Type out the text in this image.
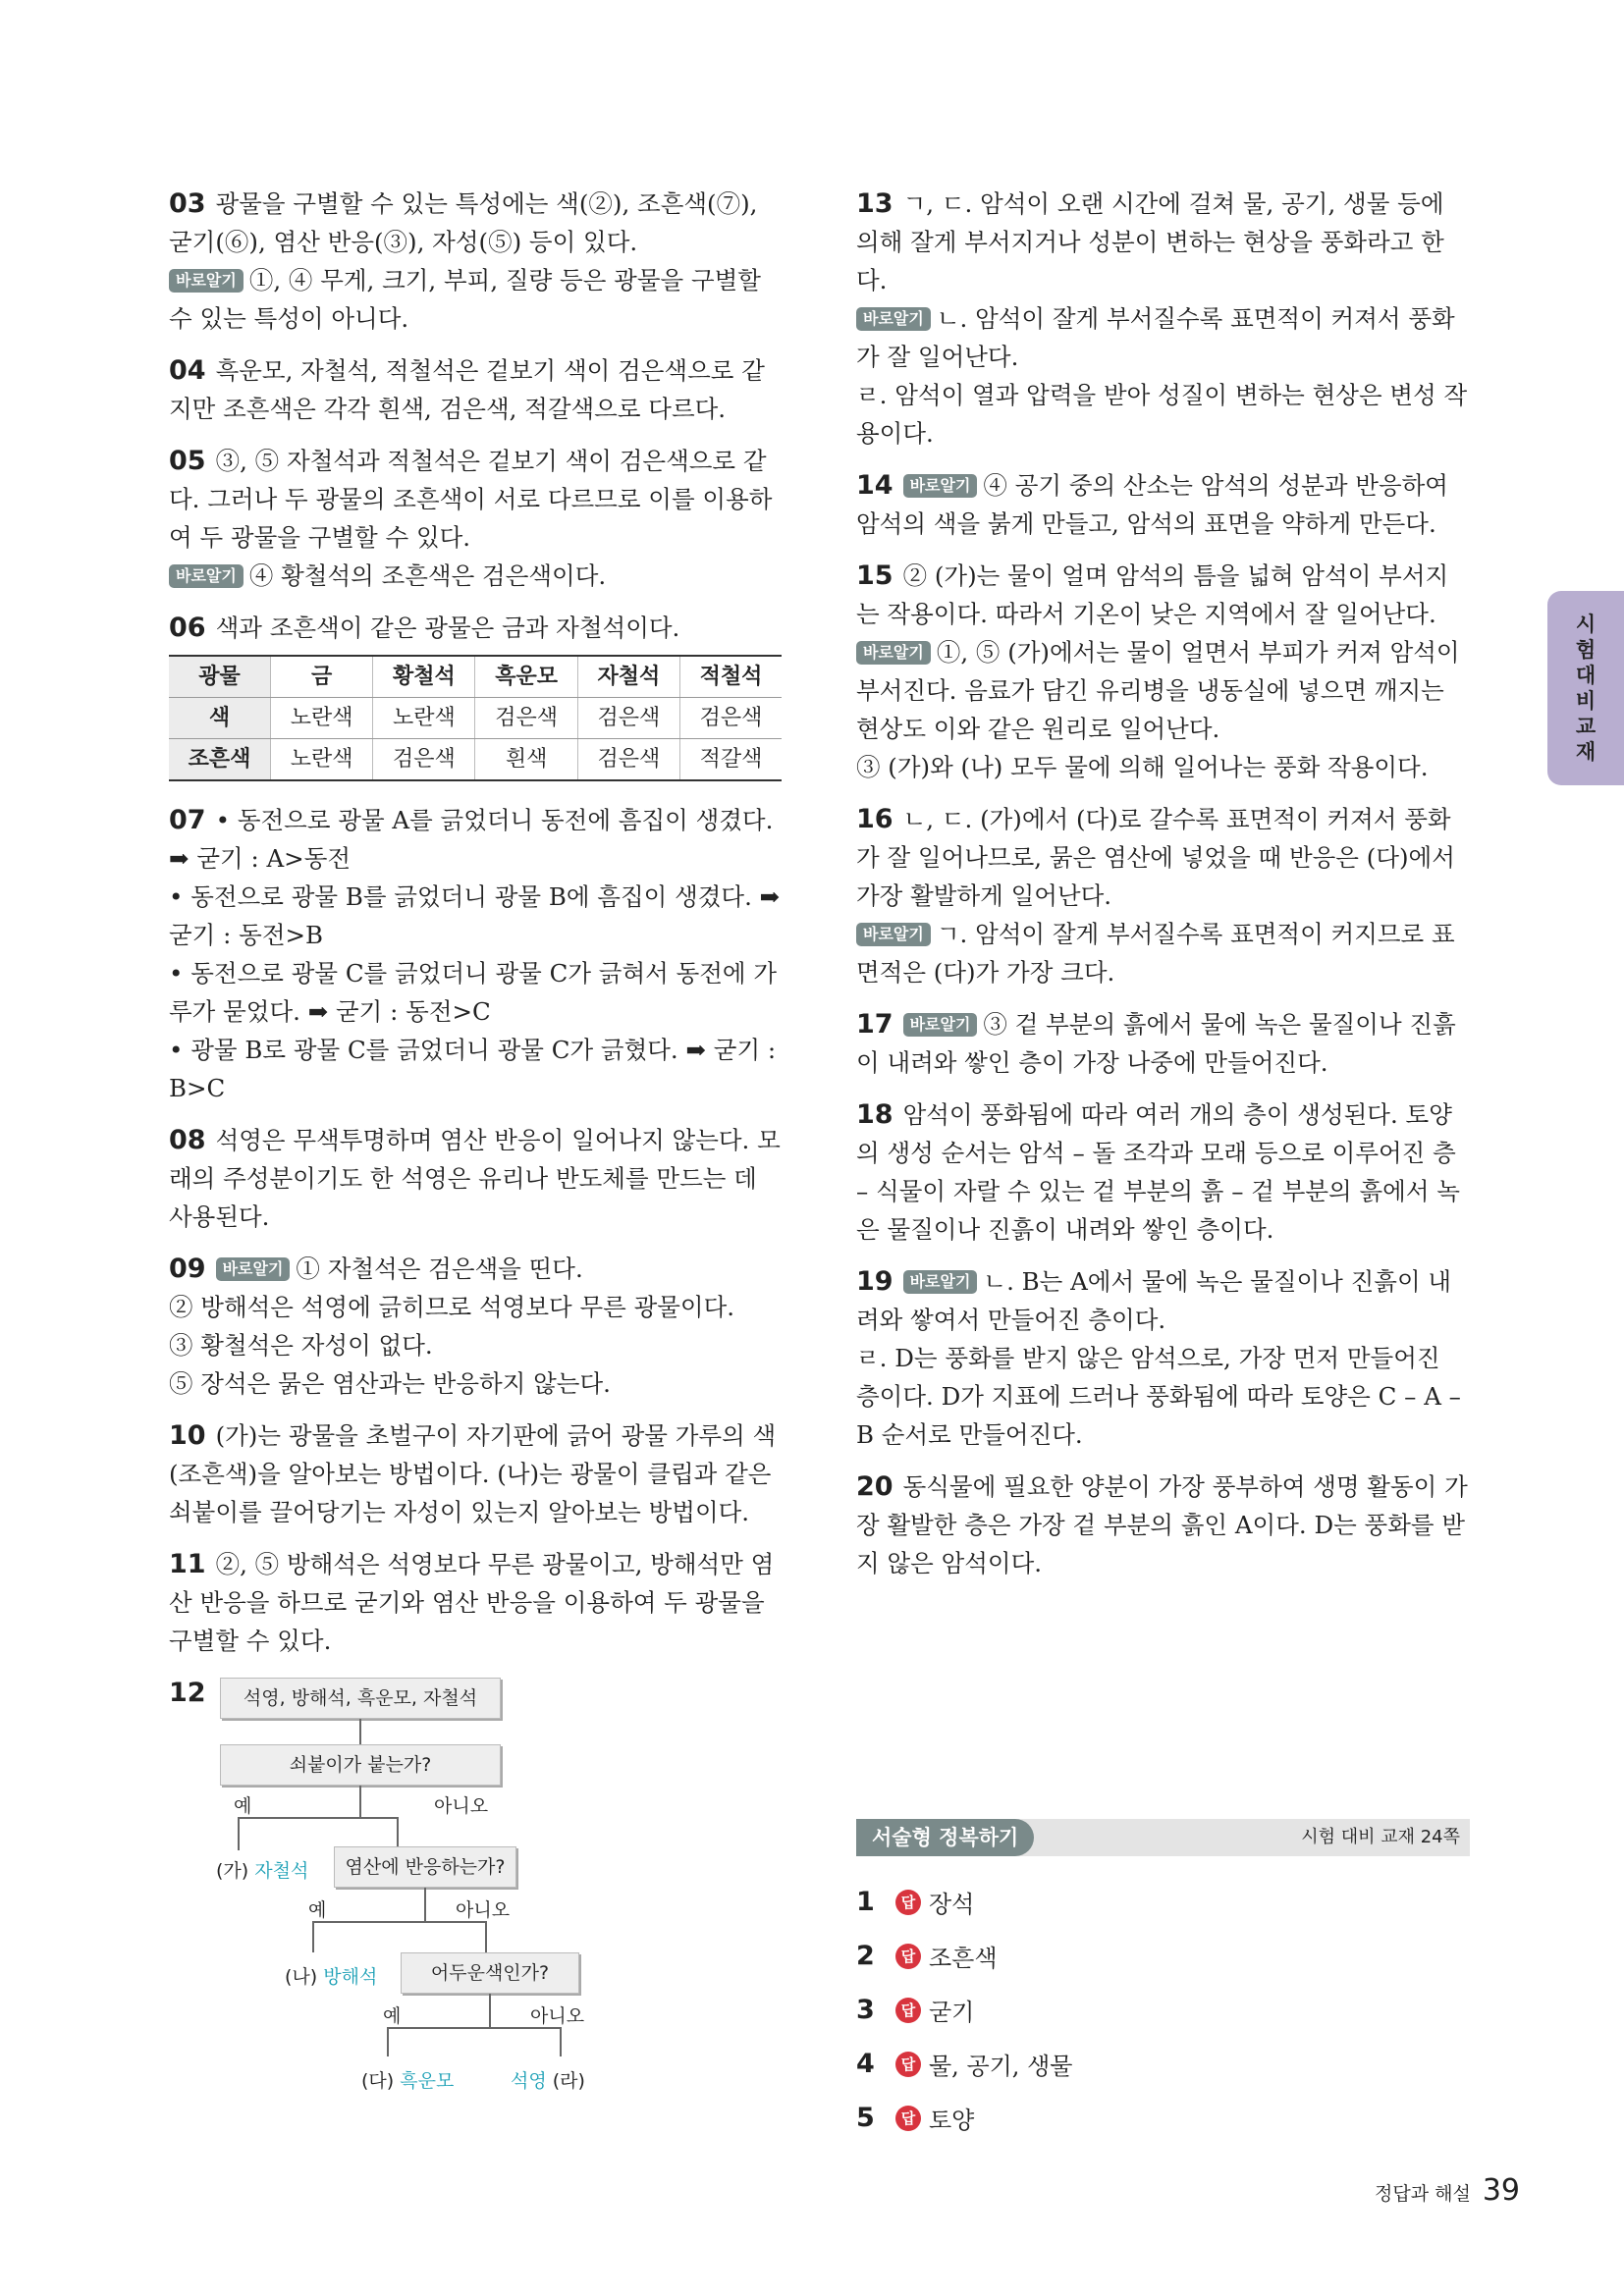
03 광물을 구별할 수 있는 특성에는 색(②), 조흔색(⑦), 굳기(⑥), 염산 반응(③), 자성(⑤) 등이 있다.
바로알기 ①, ④ 무게, 크기, 부피, 질량 등은 광물을 구별할 수 있는 특성이 아니다.
04 흑운모, 자철석, 적철석은 겉보기 색이 검은색으로 같지만 조흔색은 각각 흰색, 검은색, 적갈색으로 다르다.
05 ③, ⑤ 자철석과 적철석은 겉보기 색이 검은색으로 같다. 그러나 두 광물의 조흔색이 서로 다르므로 이를 이용하여 두 광물을 구별할 수 있다.
바로알기 ④ 황철석의 조흔색은 검은색이다.
06 색과 조흔색이 같은 광물은 금과 자철석이다.
광물	금	황철석	흑운모	자철석	적철석
색	노란색	노란색	검은색	검은색	검은색
조흔색	노란색	검은색	흰색	검은색	적갈색
07 • 동전으로 광물 A를 긁었더니 동전에 흠집이 생겼다. ➡ 굳기 : A>동전
• 동전으로 광물 B를 긁었더니 광물 B에 흠집이 생겼다. ➡ 굳기 : 동전>B
• 동전으로 광물 C를 긁었더니 광물 C가 긁혀서 동전에 가루가 묻었다. ➡ 굳기 : 동전>C
• 광물 B로 광물 C를 긁었더니 광물 C가 긁혔다. ➡ 굳기 : B>C
08 석영은 무색투명하며 염산 반응이 일어나지 않는다. 모래의 주성분이기도 한 석영은 유리나 반도체를 만드는 데 사용된다.
09 바로알기 ① 자철석은 검은색을 띤다.
② 방해석은 석영에 긁히므로 석영보다 무른 광물이다.
③ 황철석은 자성이 없다.
⑤ 장석은 묽은 염산과는 반응하지 않는다.
10 (가)는 광물을 초벌구이 자기판에 긁어 광물 가루의 색(조흔색)을 알아보는 방법이다. (나)는 광물이 클립과 같은 쇠붙이를 끌어당기는 자성이 있는지 알아보는 방법이다.
11 ②, ⑤ 방해석은 석영보다 무른 광물이고, 방해석만 염산 반응을 하므로 굳기와 염산 반응을 이용하여 두 광물을 구별할 수 있다.
12	석영, 방해석, 흑운모, 자철석
쇠붙이가 붙는가?
예	아니오
(가) 자철석	염산에 반응하는가?
예	아니오
(나) 방해석	어두운색인가?
예	아니오
(다) 흑운모	석영 (라)
13 ㄱ, ㄷ. 암석이 오랜 시간에 걸쳐 물, 공기, 생물 등에 의해 잘게 부서지거나 성분이 변하는 현상을 풍화라고 한다.
바로알기 ㄴ. 암석이 잘게 부서질수록 표면적이 커져서 풍화가 잘 일어난다.
ㄹ. 암석이 열과 압력을 받아 성질이 변하는 현상은 변성 작용이다.
14 바로알기 ④ 공기 중의 산소는 암석의 성분과 반응하여 암석의 색을 붉게 만들고, 암석의 표면을 약하게 만든다.
15 ② (가)는 물이 얼며 암석의 틈을 넓혀 암석이 부서지는 작용이다. 따라서 기온이 낮은 지역에서 잘 일어난다.
바로알기 ①, ⑤ (가)에서는 물이 얼면서 부피가 커져 암석이 부서진다. 음료가 담긴 유리병을 냉동실에 넣으면 깨지는 현상도 이와 같은 원리로 일어난다.
③ (가)와 (나) 모두 물에 의해 일어나는 풍화 작용이다.
16 ㄴ, ㄷ. (가)에서 (다)로 갈수록 표면적이 커져서 풍화가 잘 일어나므로, 묽은 염산에 넣었을 때 반응은 (다)에서 가장 활발하게 일어난다.
바로알기 ㄱ. 암석이 잘게 부서질수록 표면적이 커지므로 표면적은 (다)가 가장 크다.
17 바로알기 ③ 겉 부분의 흙에서 물에 녹은 물질이나 진흙이 내려와 쌓인 층이 가장 나중에 만들어진다.
18 암석이 풍화됨에 따라 여러 개의 층이 생성된다. 토양의 생성 순서는 암석 – 돌 조각과 모래 등으로 이루어진 층 – 식물이 자랄 수 있는 겉 부분의 흙 – 겉 부분의 흙에서 녹은 물질이나 진흙이 내려와 쌓인 층이다.
19 바로알기 ㄴ. B는 A에서 물에 녹은 물질이나 진흙이 내려와 쌓여서 만들어진 층이다.
ㄹ. D는 풍화를 받지 않은 암석으로, 가장 먼저 만들어진 층이다. D가 지표에 드러나 풍화됨에 따라 토양은 C – A – B 순서로 만들어진다.
20 동식물에 필요한 양분이 가장 풍부하여 생명 활동이 가장 활발한 층은 가장 겉 부분의 흙인 A이다. D는 풍화를 받지 않은 암석이다.
시험 대비 교재
서술형 정복하기	시험 대비 교재 24쪽
1	답 장석
2	답 조흔색
3	답 굳기
4	답 물, 공기, 생물
5	답 토양
정답과 해설 39
